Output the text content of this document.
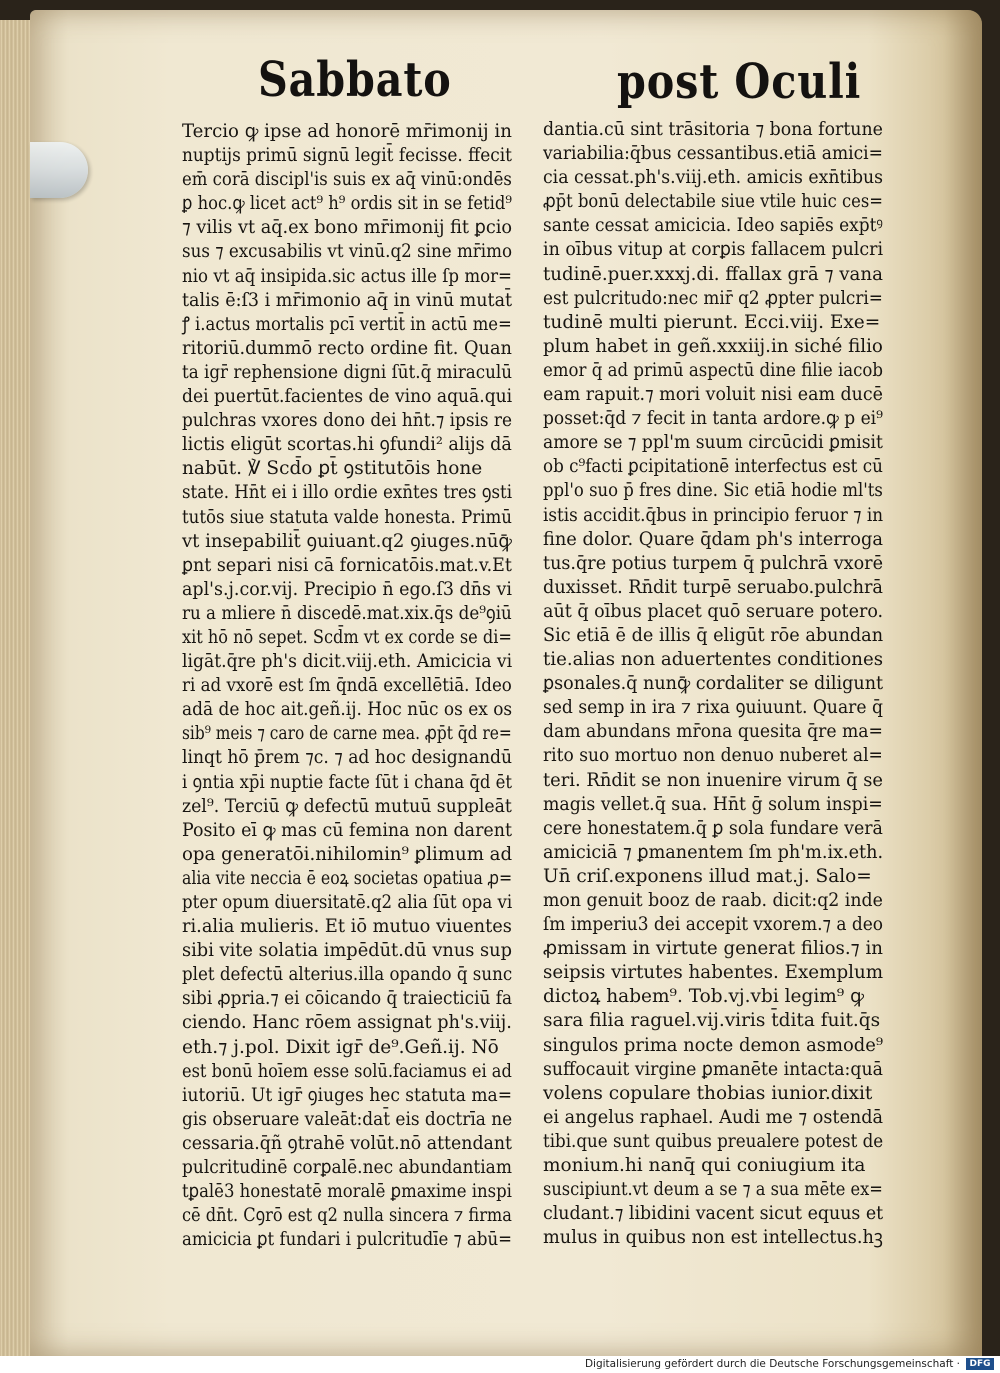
Sabbato	post Oculi
Tercio ꝙ ipse ad honorē mr̄imonij in
nuptijs primū signū legit̄ fecisse. ffecit
em̄ corā discipl'is suis ex aq̄ vinū:ondēs
ꝑ hoc.ꝙ licet act⁹ h⁹ ordis sit in se fetid⁹
⁊ vilis vt aq̄.ex bono mr̄imonij fit ꝑcio
sus ⁊ excusabilis vt vinū.q2 sine mr̄imo
nio vt aq̄ insipida.sic actus ille ſp mor=
talis ē:ſ3 i mr̄imonio aq̄ in vinū mutat̄
ꝭ i.actus mortalis pcī vertit̄ in actū me=
ritoriū.dummō recto ordine fit. Quan
ta igr̄ rephensione digni ſūt.q̄ miraculū
dei puertūt.facientes de vino aquā.qui
pulchras vxores dono dei hn̄t.⁊ ipsis re
lictis eligūt scortas.hi ꝯfundi² alijs dā
nabūt. ℣ Scd̄o ꝑt̄ ꝯstitutōis hone
state. Hn̄t ei i illo ordie exn̄tes tres ꝯsti
tutōs siue statuta valde honesta. Primū
vt insepabilit̄ ꝯuiuant.q2 ꝯiuges.nūꝙ̄
ꝑnt separi nisi cā fornicatōis.mat.v.Et
apl's.j.cor.vij. Precipio n̄ ego.ſ3 dn̄s vi
ru a mliere n̄ discedē.mat.xix.q̄s de⁹ꝯiū
xit hō nō sepet. Scd̄m vt ex corde se di=
ligāt.q̄re ph's dicit.viij.eth. Amicicia vi
ri ad vxorē est ſm q̄ndā excellētiā. Ideo
adā de hoc ait.geñ.ij. Hoc nūc os ex os
sib⁹ meis ⁊ caro de carne mea. ꝓp̄t q̄d re=
linqt hō p̄rem ⁊c. ⁊ ad hoc designandū
i ꝯntia xp̄i nuptie facte ſūt i chana q̄d ēt
zel⁹. Terciū ꝙ defectū mutuū suppleāt
Posito eī ꝙ mas cū femina non darent
opa generatōi.nihilomin⁹ ꝑlimum ad
alia vite neccia ē eoꝝ societas opatiua ꝓ=
pter opum diuersitatē.q2 alia ſūt opa vi
ri.alia mulieris. Et iō mutuo viuentes
sibi vite solatia impēdūt.dū vnus sup
plet defectū alterius.illa opando q̄ sunc
sibi ꝓpria.⁊ ei cōicando q̄ traiecticiū fa
ciendo. Hanc rōem assignat ph's.viij.
eth.⁊ j.pol. Dixit igr̄ de⁹.Geñ.ij. Nō
est bonū hoīem esse solū.faciamus ei ad
iutoriū. Ut igr̄ ꝯiuges hec statuta ma=
gis obseruare valeāt:dat̄ eis doctrīa ne
cessaria.q̄ñ ꝯtrahē volūt.nō attendant
pulcritudinē corꝑalē.nec abundantiam
tꝑalē3 honestatē moralē ꝑmaxime inspi
cē dn̄t. Cꝯrō est q2 nulla sincera ⁊ firma
amicicia ꝑt fundari i pulcritudīe ⁊ abū=
dantia.cū sint trāsitoria ⁊ bona fortune
variabilia:q̄bus cessantibus.etiā amici=
cia cessat.ph's.viij.eth. amicis exn̄tibus
ꝓp̄t bonū delectabile siue vtile huic ces=
sante cessat amicicia. Ideo sapiēs exp̄tꝰ
in oībus vitup at corꝑis fallacem pulcri
tudinē.puer.xxxj.di. ffallax grā ⁊ vana
est pulcritudo:nec mir̄ q2 ꝓpter pulcri=
tudinē multi pierunt. Ecci.viij. Exe=
plum habet in geñ.xxxiij.in siché filio
emor q̄ ad primū aspectū dine filie iacob
eam rapuit.⁊ mori voluit nisi eam ducē
posset:q̄d ⁊ fecit in tanta ardore.ꝙ p ei⁹
amore se ⁊ ppl'm suum circūcidi ꝑmisit
ob c⁹facti ꝑcipitationē interfectus est cū
ppl'o suo p̄ fres dine. Sic etiā hodie ml'ts
istis accidit.q̄bus in principio feruor ⁊ in
fine dolor. Quare q̄dam ph's interroga
tus.q̄re potius turpem q̄ pulchrā vxorē
duxisset. Rn̄dit turpē seruabo.pulchrā
aūt q̄ oībus placet quō seruare potero.
Sic etiā ē de illis q̄ eligūt rōe abundan
tie.alias non aduertentes conditiones
ꝑsonales.q̄ nunꝙ̄ cordaliter se diligunt
sed semp in ira ⁊ rixa ꝯuiuunt. Quare q̄
dam abundans mr̄ona quesita q̄re ma=
rito suo mortuo non denuo nuberet al=
teri. Rn̄dit se non inuenire virum q̄ se
magis vellet.q̄ sua. Hn̄t ḡ solum inspi=
cere honestatem.q̄ ꝑ sola fundare verā
amiciciā ⁊ ꝑmanentem ſm ph'm.ix.eth.
Un̄ criſ.exponens illud mat.j. Salo=
mon genuit booz de raab. dicit:q2 inde
ſm imperiu3 dei accepit vxorem.⁊ a deo
ꝓmissam in virtute generat filios.⁊ in
seipsis virtutes habentes. Exemplum
dictoꝝ habem⁹. Tob.vj.vbi legim⁹ ꝙ
sara filia raguel.vij.viris t̄dita fuit.q̄s
singulos prima nocte demon asmode⁹
suffocauit virgine ꝑmanēte intacta:quā
volens copulare thobias iunior.dixit
ei angelus raphael. Audi me ⁊ ostendā
tibi.que sunt quibus preualere potest de
monium.hi nanq̄ qui coniugium ita
suscipiunt.vt deum a se ⁊ a sua mēte ex=
cludant.⁊ libidini vacent sicut equus et
mulus in quibus non est intellectus.hꝫ
Digitalisierung gefördert durch die Deutsche Forschungsgemeinschaft ·	DFG
